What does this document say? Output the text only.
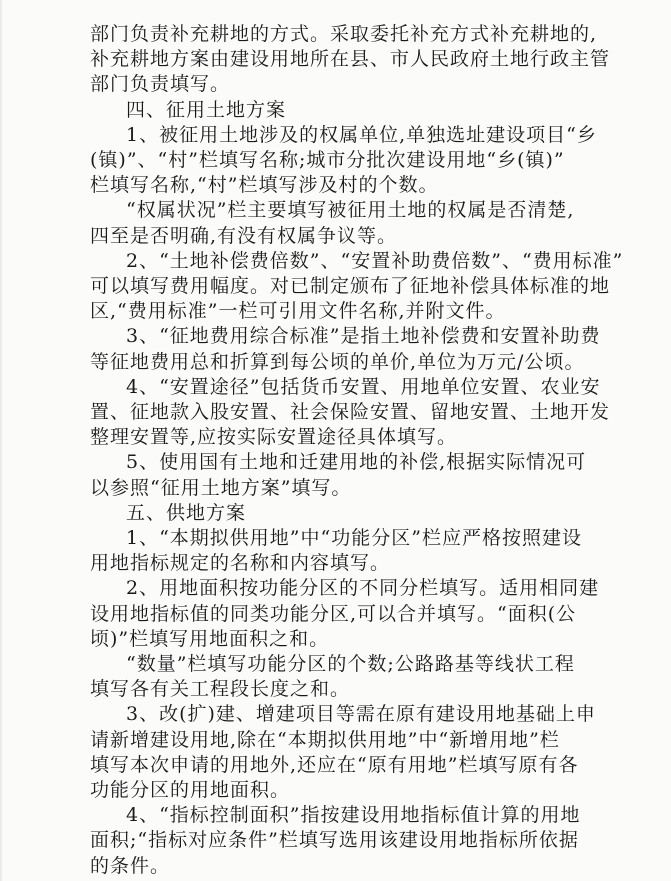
部门负责补充耕地的方式。采取委托补充方式补充耕地的,
补充耕地方案由建设用地所在县、市人民政府土地行政主管
部门负责填写。
四、征用土地方案
1、被征用土地涉及的权属单位,单独选址建设项目“乡
(镇)”、“村”栏填写名称;城市分批次建设用地“乡(镇)”
栏填写名称,“村”栏填写涉及村的个数。
“权属状况”栏主要填写被征用土地的权属是否清楚,
四至是否明确,有没有权属争议等。
2、“土地补偿费倍数”、“安置补助费倍数”、“费用标准”
可以填写费用幅度。对已制定颁布了征地补偿具体标准的地
区,“费用标准”一栏可引用文件名称,并附文件。
3、“征地费用综合标准”是指土地补偿费和安置补助费
等征地费用总和折算到每公顷的单价,单位为万元/公顷。
4、“安置途径”包括货币安置、用地单位安置、农业安
置、征地款入股安置、社会保险安置、留地安置、土地开发
整理安置等,应按实际安置途径具体填写。
5、使用国有土地和迁建用地的补偿,根据实际情况可
以参照“征用土地方案”填写。
五、供地方案
1、“本期拟供用地”中“功能分区”栏应严格按照建设
用地指标规定的名称和内容填写。
2、用地面积按功能分区的不同分栏填写。适用相同建
设用地指标值的同类功能分区,可以合并填写。“面积(公
顷)”栏填写用地面积之和。
“数量”栏填写功能分区的个数;公路路基等线状工程
填写各有关工程段长度之和。
3、改(扩)建、增建项目等需在原有建设用地基础上申
请新增建设用地,除在“本期拟供用地”中“新增用地”栏
填写本次申请的用地外,还应在“原有用地”栏填写原有各
功能分区的用地面积。
4、“指标控制面积”指按建设用地指标值计算的用地
面积;“指标对应条件”栏填写选用该建设用地指标所依据
的条件。
